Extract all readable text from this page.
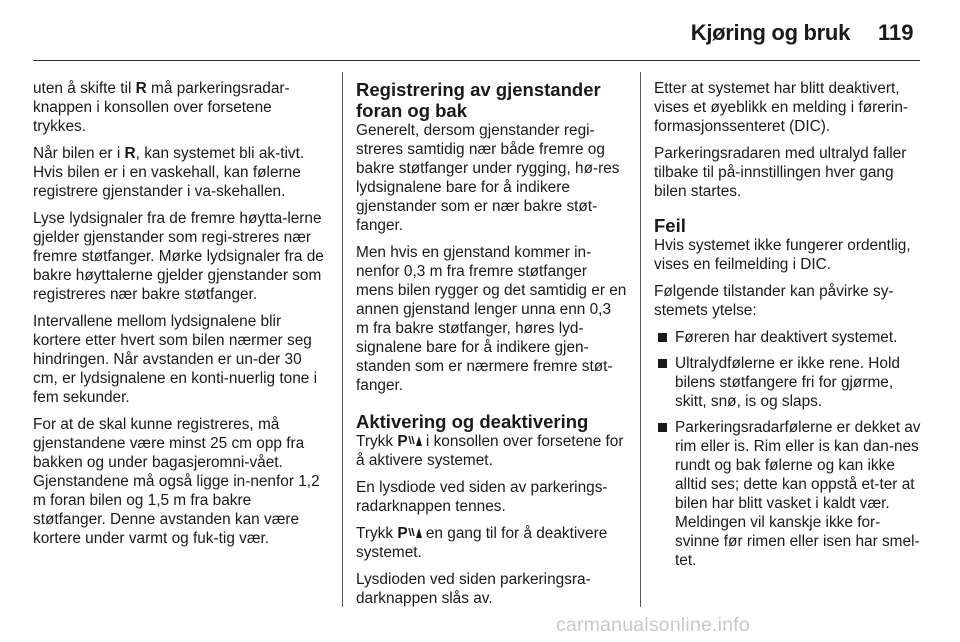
Kjøring og bruk 119

uten å skifte til R må parkeringsradar-knappen i konsollen over forsetene trykkes.

Når bilen er i R, kan systemet bli ak-tivt. Hvis bilen er i en vaskehall, kan følerne registrere gjenstander i va-skehallen.

Lyse lydsignaler fra de fremre høytta-lerne gjelder gjenstander som regi-streres nær fremre støtfanger. Mørke lydsignaler fra de bakre høyttalerne gjelder gjenstander som registreres nær bakre støtfanger.

Intervallene mellom lydsignalene blir kortere etter hvert som bilen nærmer seg hindringen. Når avstanden er un-der 30 cm, er lydsignalene en konti-nuerlig tone i fem sekunder.

For at de skal kunne registreres, må gjenstandene være minst 25 cm opp fra bakken og under bagasjeromni-vået. Gjenstandene må også ligge in-nenfor 1,2 m foran bilen og 1,5 m fra bakre støtfanger. Denne avstanden kan være kortere under varmt og fuk-tig vær.

Registrering av gjenstander foran og bak

Generelt, dersom gjenstander regi-streres samtidig nær både fremre og bakre støtfanger under rygging, hø-res lydsignalene bare for å indikere gjenstander som er nær bakre støt-fanger.

Men hvis en gjenstand kommer in-nenfor 0,3 m fra fremre støtfanger mens bilen rygger og det samtidig er en annen gjenstand lenger unna enn 0,3 m fra bakre støtfanger, høres lyd-signalene bare for å indikere gjen-standen som er nærmere fremre støt-fanger.

Aktivering og deaktivering

Trykk P i konsollen over forsetene for å aktivere systemet.

En lysdiode ved siden av parkerings-radarknappen tennes.

Trykk P en gang til for å deaktivere systemet.

Lysdioden ved siden parkeringsra-darknappen slås av.

Etter at systemet har blitt deaktivert, vises et øyeblikk en melding i førerin-formasjonssenteret (DIC).

Parkeringsradaren med ultralyd faller tilbake til på-innstillingen hver gang bilen startes.

Feil

Hvis systemet ikke fungerer ordentlig, vises en feilmelding i DIC.

Følgende tilstander kan påvirke sy-stemets ytelse:

Føreren har deaktivert systemet.
Ultralydfølerne er ikke rene. Hold bilens støtfangere fri for gjørme, skitt, snø, is og slaps.
Parkeringsradarfølerne er dekket av rim eller is. Rim eller is kan dan-nes rundt og bak følerne og kan ikke alltid ses; dette kan oppstå et-ter at bilen har blitt vasket i kaldt vær. Meldingen vil kanskje ikke for-svinne før rimen eller isen har smel-tet.
carmanualsonline.info
